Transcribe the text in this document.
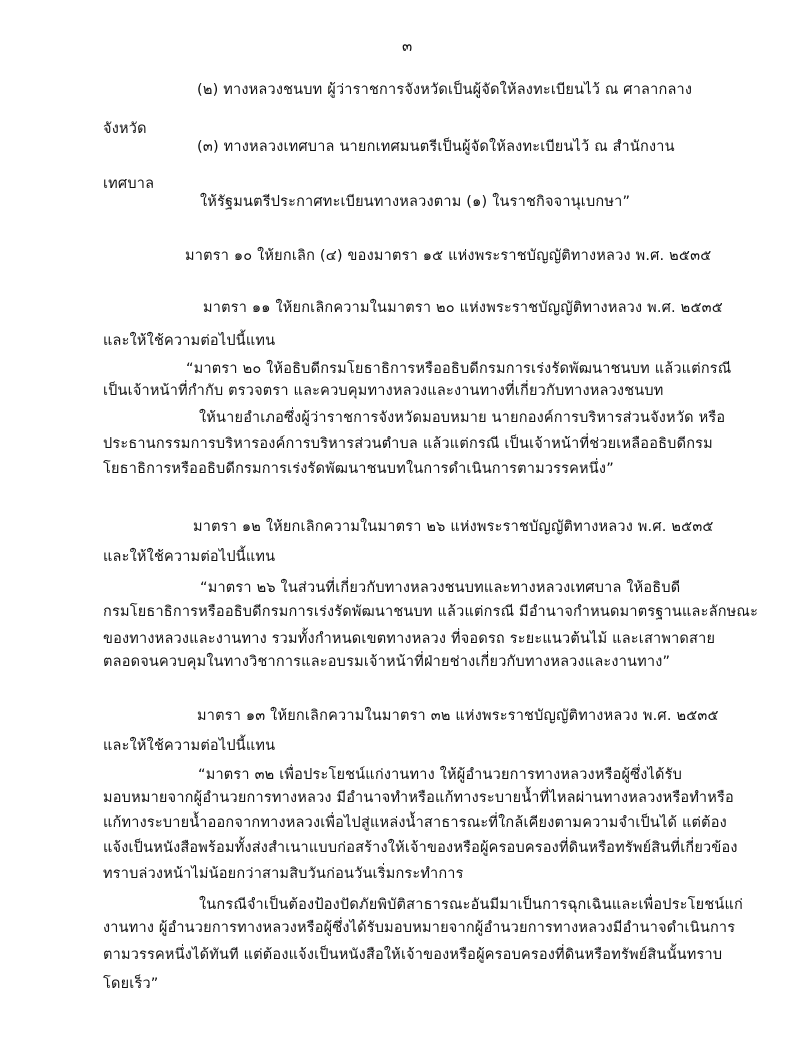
๓
(๒) ทางหลวงชนบท ผู้ว่าราชการจังหวัดเป็นผู้จัดให้ลงทะเบียนไว้ ณ ศาลากลาง
จังหวัด
(๓) ทางหลวงเทศบาล นายกเทศมนตรีเป็นผู้จัดให้ลงทะเบียนไว้ ณ สำนักงาน
เทศบาล
ให้รัฐมนตรีประกาศทะเบียนทางหลวงตาม (๑) ในราชกิจจานุเบกษา”
มาตรา ๑๐ ให้ยกเลิก (๔) ของมาตรา ๑๕ แห่งพระราชบัญญัติทางหลวง พ.ศ. ๒๕๓๕
มาตรา ๑๑ ให้ยกเลิกความในมาตรา ๒๐ แห่งพระราชบัญญัติทางหลวง พ.ศ. ๒๕๓๕
และให้ใช้ความต่อไปนี้แทน
“มาตรา ๒๐ ให้อธิบดีกรมโยธาธิการหรืออธิบดีกรมการเร่งรัดพัฒนาชนบท แล้วแต่กรณี
เป็นเจ้าหน้าที่กำกับ ตรวจตรา และควบคุมทางหลวงและงานทางที่เกี่ยวกับทางหลวงชนบท
ให้นายอำเภอซึ่งผู้ว่าราชการจังหวัดมอบหมาย นายกองค์การบริหารส่วนจังหวัด หรือ
ประธานกรรมการบริหารองค์การบริหารส่วนตำบล แล้วแต่กรณี เป็นเจ้าหน้าที่ช่วยเหลืออธิบดีกรม
โยธาธิการหรืออธิบดีกรมการเร่งรัดพัฒนาชนบทในการดำเนินการตามวรรคหนึ่ง”
มาตรา ๑๒ ให้ยกเลิกความในมาตรา ๒๖ แห่งพระราชบัญญัติทางหลวง พ.ศ. ๒๕๓๕
และให้ใช้ความต่อไปนี้แทน
“มาตรา ๒๖ ในส่วนที่เกี่ยวกับทางหลวงชนบทและทางหลวงเทศบาล ให้อธิบดี
กรมโยธาธิการหรืออธิบดีกรมการเร่งรัดพัฒนาชนบท แล้วแต่กรณี มีอำนาจกำหนดมาตรฐานและลักษณะ
ของทางหลวงและงานทาง รวมทั้งกำหนดเขตทางหลวง ที่จอดรถ ระยะแนวต้นไม้ และเสาพาดสาย
ตลอดจนควบคุมในทางวิชาการและอบรมเจ้าหน้าที่ฝ่ายช่างเกี่ยวกับทางหลวงและงานทาง”
มาตรา ๑๓ ให้ยกเลิกความในมาตรา ๓๒ แห่งพระราชบัญญัติทางหลวง พ.ศ. ๒๕๓๕
และให้ใช้ความต่อไปนี้แทน
“มาตรา ๓๒ เพื่อประโยชน์แก่งานทาง ให้ผู้อำนวยการทางหลวงหรือผู้ซึ่งได้รับ
มอบหมายจากผู้อำนวยการทางหลวง มีอำนาจทำหรือแก้ทางระบายน้ำที่ไหลผ่านทางหลวงหรือทำหรือ
แก้ทางระบายน้ำออกจากทางหลวงเพื่อไปสู่แหล่งน้ำสาธารณะที่ใกล้เคียงตามความจำเป็นได้ แต่ต้อง
แจ้งเป็นหนังสือพร้อมทั้งส่งสำเนาแบบก่อสร้างให้เจ้าของหรือผู้ครอบครองที่ดินหรือทรัพย์สินที่เกี่ยวข้อง
ทราบล่วงหน้าไม่น้อยกว่าสามสิบวันก่อนวันเริ่มกระทำการ
ในกรณีจำเป็นต้องป้องปัดภัยพิบัติสาธารณะอันมีมาเป็นการฉุกเฉินและเพื่อประโยชน์แก่
งานทาง ผู้อำนวยการทางหลวงหรือผู้ซึ่งได้รับมอบหมายจากผู้อำนวยการทางหลวงมีอำนาจดำเนินการ
ตามวรรคหนึ่งได้ทันที แต่ต้องแจ้งเป็นหนังสือให้เจ้าของหรือผู้ครอบครองที่ดินหรือทรัพย์สินนั้นทราบ
โดยเร็ว”
